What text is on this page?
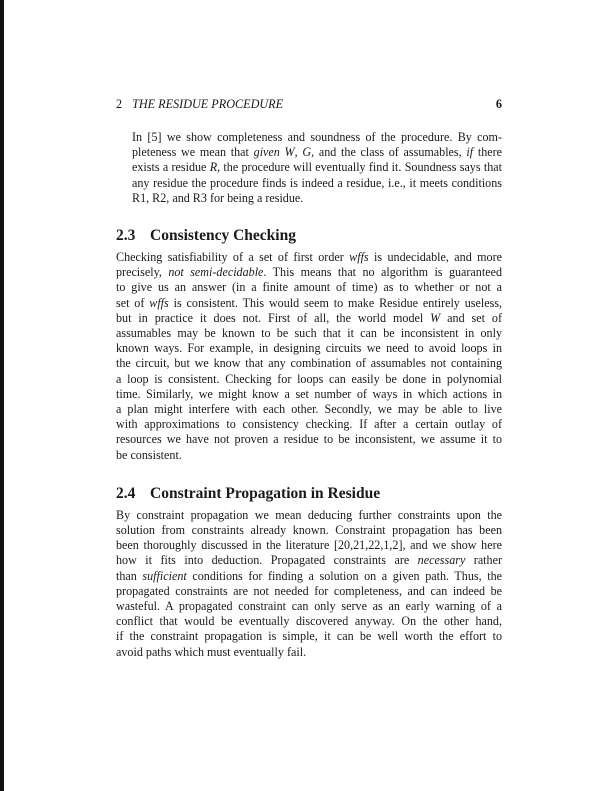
2 THE RESIDUE PROCEDURE	6

In [5] we show completeness and soundness of the procedure. By com-
pleteness we mean that given W, G, and the class of assumables, if there
exists a residue R, the procedure will eventually find it. Soundness says that
any residue the procedure finds is indeed a residue, i.e., it meets conditions
R1, R2, and R3 for being a residue.

2.3 Consistency Checking

Checking satisfiability of a set of first order wffs is undecidable, and more
precisely, not semi-decidable. This means that no algorithm is guaranteed
to give us an answer (in a finite amount of time) as to whether or not a
set of wffs is consistent. This would seem to make Residue entirely useless,
but in practice it does not. First of all, the world model W and set of
assumables may be known to be such that it can be inconsistent in only
known ways. For example, in designing circuits we need to avoid loops in
the circuit, but we know that any combination of assumables not containing
a loop is consistent. Checking for loops can easily be done in polynomial
time. Similarly, we might know a set number of ways in which actions in
a plan might interfere with each other. Secondly, we may be able to live
with approximations to consistency checking. If after a certain outlay of
resources we have not proven a residue to be inconsistent, we assume it to
be consistent.

2.4 Constraint Propagation in Residue

By constraint propagation we mean deducing further constraints upon the
solution from constraints already known. Constraint propagation has been
been thoroughly discussed in the literature [20,21,22,1,2], and we show here
how it fits into deduction. Propagated constraints are necessary rather
than sufficient conditions for finding a solution on a given path. Thus, the
propagated constraints are not needed for completeness, and can indeed be
wasteful. A propagated constraint can only serve as an early warning of a
conflict that would be eventually discovered anyway. On the other hand,
if the constraint propagation is simple, it can be well worth the effort to
avoid paths which must eventually fail.
